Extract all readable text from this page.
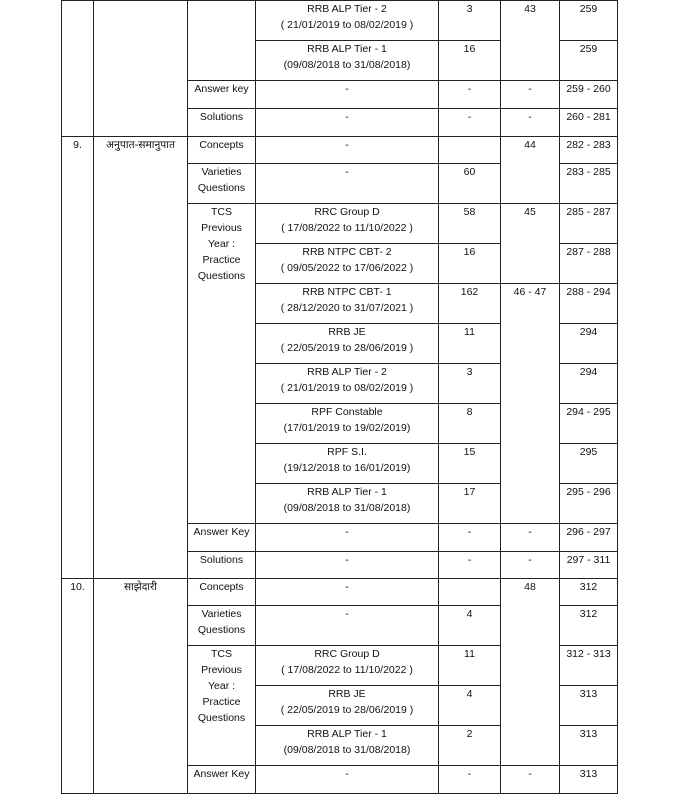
			RRB ALP Tier - 2
( 21/01/2019 to 08/02/2019 )	3	43	259

			RRB ALP Tier - 1
(09/08/2018 to 31/08/2018)	16		259
		Answer key	-	-	-	259 - 260
		Solutions	-	-	-	260 - 281
9.	अनुपात-समानुपात	Concepts	-		44	282 - 283

		Varieties
Questions	-	60		283 - 285

		TCS Previous
Year :
Practice
Questions	RRC Group D
( 17/08/2022 to 11/10/2022 )	58	45	285 - 287

			RRB NTPC CBT- 2
( 09/05/2022 to 17/06/2022 )	16		287 - 288

			RRB NTPC CBT- 1
( 28/12/2020 to 31/07/2021 )	162	46 - 47	288 - 294

			RRB JE
( 22/05/2019 to 28/06/2019 )	11		294

			RRB ALP Tier - 2
( 21/01/2019 to 08/02/2019 )	3		294

			RPF Constable
(17/01/2019 to 19/02/2019)	8		294 - 295

			RPF S.I.
(19/12/2018 to 16/01/2019)	15		295

			RRB ALP Tier - 1
(09/08/2018 to 31/08/2018)	17		295 - 296
		Answer Key	-	-	-	296 - 297
		Solutions	-	-	-	297 - 311
10.	साझेदारी	Concepts	-		48	312

		Varieties
Questions	-	4		312

		TCS Previous
Year :
Practice
Questions	RRC Group D
( 17/08/2022 to 11/10/2022 )	11		312 - 313

			RRB JE
( 22/05/2019 to 28/06/2019 )	4		313

			RRB ALP Tier - 1
(09/08/2018 to 31/08/2018)	2		313
		Answer Key	-	-	-	313
